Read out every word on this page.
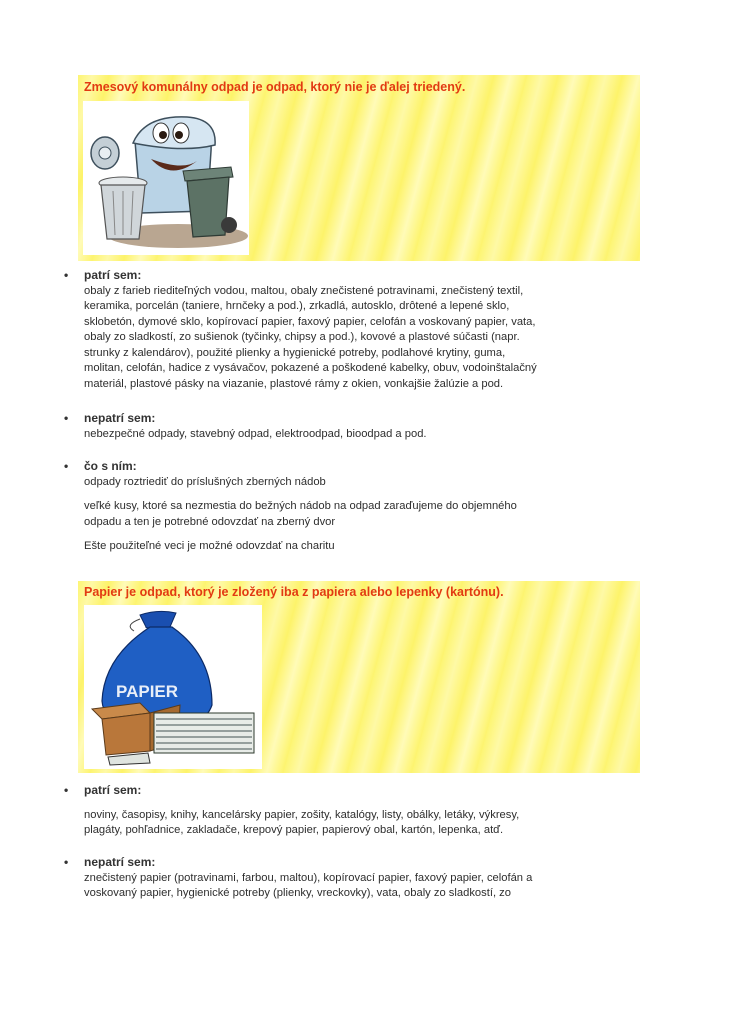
Zmesový komunálny odpad je odpad, ktorý nie je ďalej triedený.
• patrí sem:
obaly z farieb riediteľných vodou, maltou, obaly znečistené potravinami, znečistený textil,
keramika, porcelán (taniere, hrnčeky a pod.), zrkadlá, autosklo, drôtené a lepené sklo,
sklobetón, dymové sklo, kopírovací papier, faxový papier, celofán a voskovaný papier, vata,
obaly zo sladkostí, zo sušienok (tyčinky, chipsy a pod.), kovové a plastové súčasti (napr.
strunky z kalendárov), použité plienky a hygienické potreby, podlahové krytiny, guma,
molitan, celofán, hadice z vysávačov, pokazené a poškodené kabelky, obuv, vodoinštalačný
materiál, plastové pásky na viazanie, plastové rámy z okien, vonkajšie žalúzie a pod.
• nepatrí sem:
nebezpečné odpady, stavebný odpad, elektroodpad, bioodpad a pod.
• čo s ním:
odpady roztriediť do príslušných zberných nádob
veľké kusy, ktoré sa nezmestia do bežných nádob na odpad zaraďujeme do objemného
odpadu a ten je potrebné odovzdať na zberný dvor
Ešte použiteľné veci je možné odovzdať na charitu
Papier je odpad, ktorý je zložený iba z papiera alebo lepenky (kartónu).
PAPIER
• patrí sem:
noviny, časopisy, knihy, kancelársky papier, zošity, katalógy, listy, obálky, letáky, výkresy,
plagáty, pohľadnice, zakladače, krepový papier, papierový obal, kartón, lepenka, atď.
• nepatrí sem:
znečistený papier (potravinami, farbou, maltou), kopírovací papier, faxový papier, celofán a
voskovaný papier, hygienické potreby (plienky, vreckovky), vata, obaly zo sladkostí, zo
